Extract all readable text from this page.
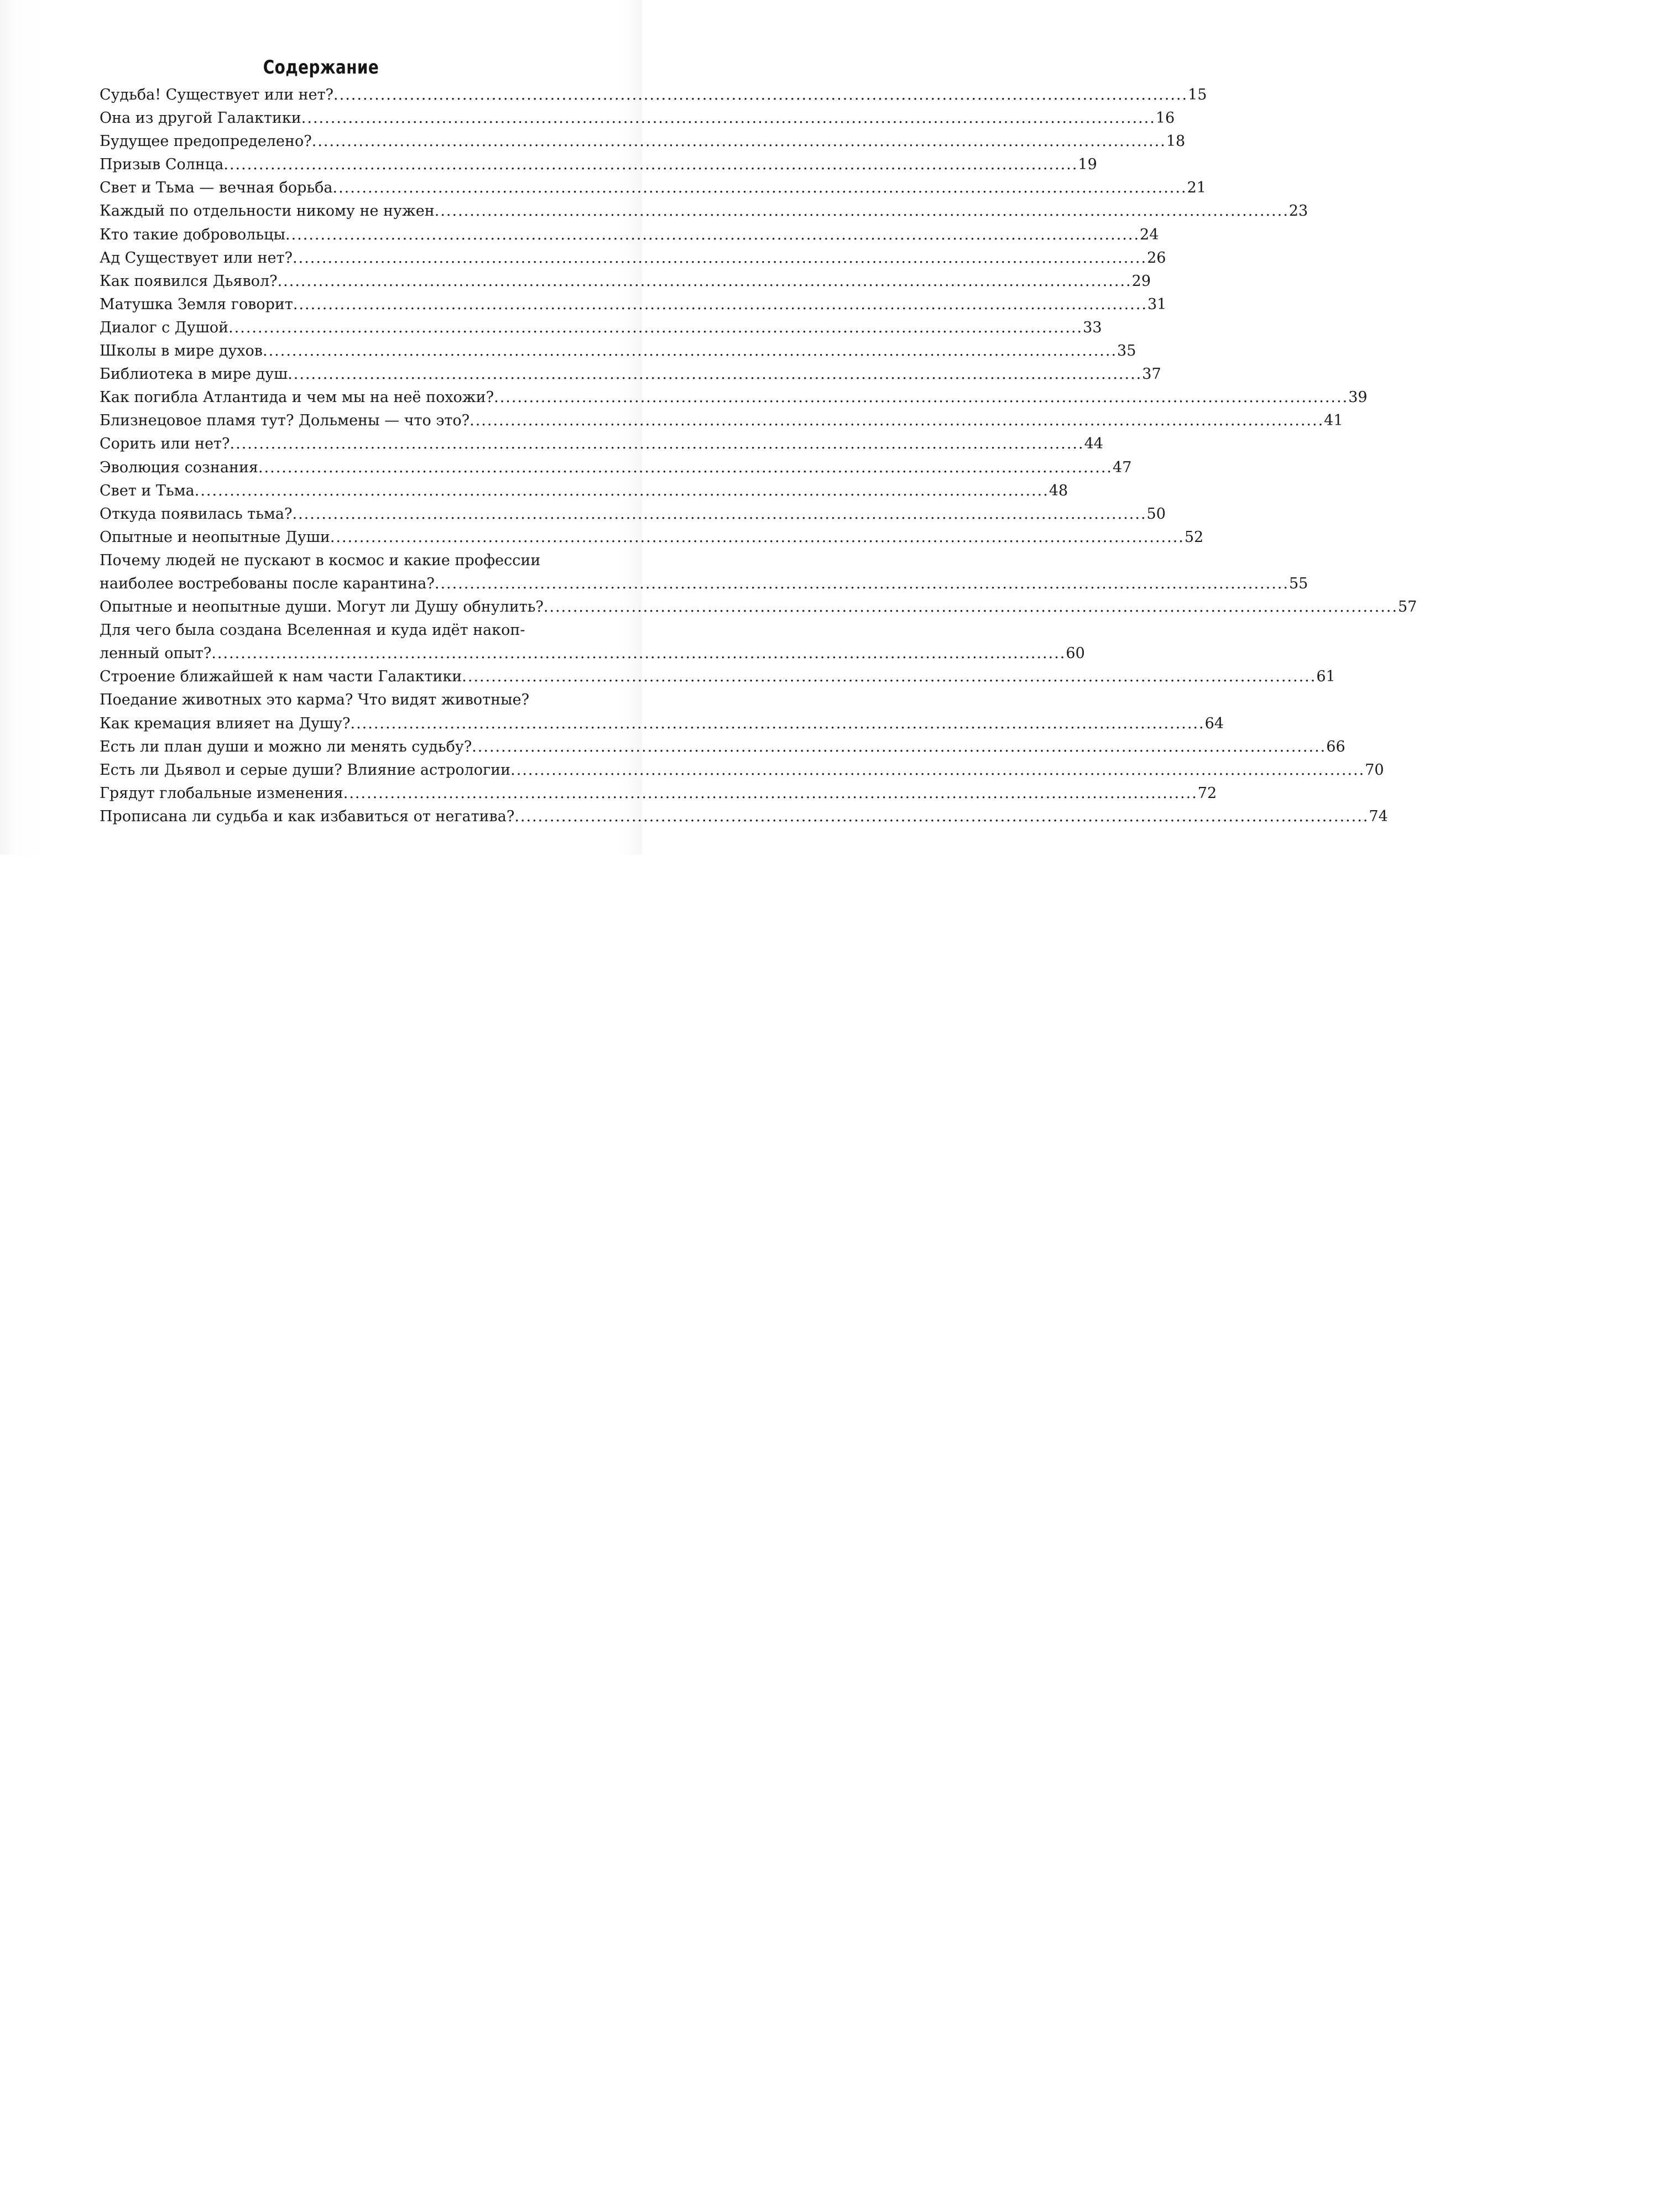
Содержание
Судьба! Существует или нет? .....	15
Она из другой Галактики .....	16
Будущее предопределено? .....	18
Призыв Солнца .....	19
Свет и Тьма — вечная борьба .....	21
Каждый по отдельности никому не нужен .....	23
Кто такие добровольцы .....	24
Ад Существует или нет? .....	26
Как появился Дьявол? .....	29
Матушка Земля говорит .....	31
Диалог с Душой .....	33
Школы в мире духов .....	35
Библиотека в мире душ .....	37
Как погибла Атлантида и чем мы на неё похожи? .....	39
Близнецовое пламя тут? Дольмены — что это? .....	41
Сорить или нет? .....	44
Эволюция сознания .....	47
Свет и Тьма .....	48
Откуда появилась тьма? .....	50
Опытные и неопытные Души .....	52
Почему людей не пускают в космос и какие профессии
наиболее востребованы после карантина? .....	55
Опытные и неопытные души. Могут ли Душу обнулить? .....	57
Для чего была создана Вселенная и куда идёт накоп-
ленный опыт? .....	60
Строение ближайшей к нам части Галактики .....	61
Поедание животных это карма? Что видят животные?
Как кремация влияет на Душу? .....	64
Есть ли план души и можно ли менять судьбу? .....	66
Есть ли Дьявол и серые души? Влияние астрологии .....	70
Грядут глобальные изменения .....	72
Прописана ли судьба и как избавиться от негатива? .....	74
